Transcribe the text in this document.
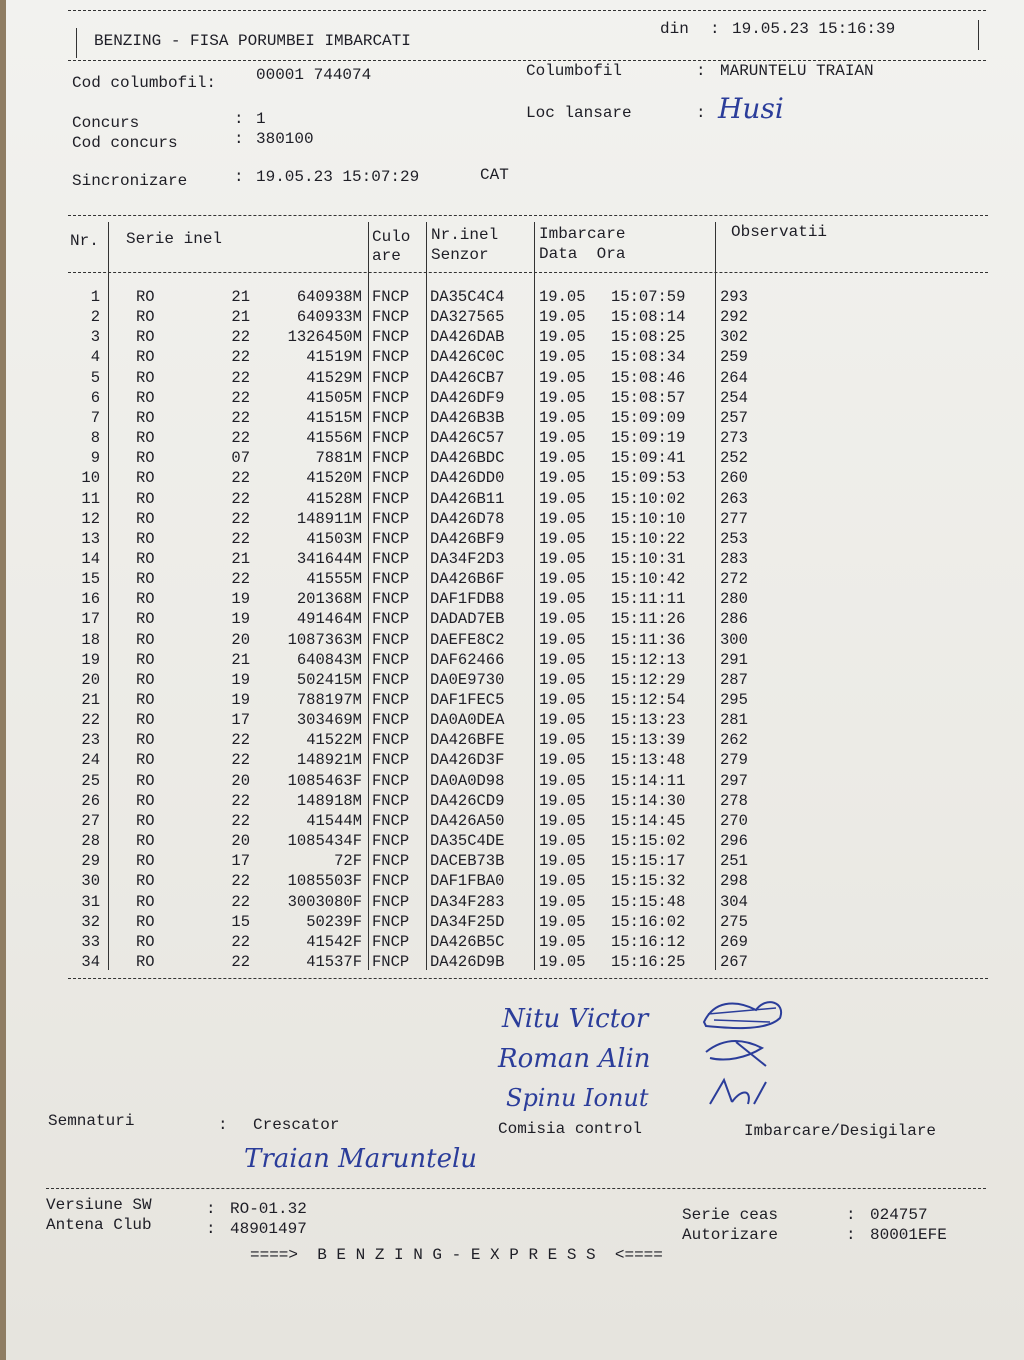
BENZING - FISA PORUMBEI IMBARCATI
din : 19.05.23 15:16:39
Cod columbofil: 00001 744074	Columbofil	: MARUNTELU TRAIAN
Loc lansare	: Husi
Concurs	: 1
Cod concurs	: 380100
Sincronizare	: 19.05.23 15:07:29	CAT
Nr. Serie inel	Culo
are
Nr.inel
Senzor
Imbarcare
Data  Ora
Observatii
1 RO	21	640938M FNCP DA35C4C4 19.05 15:07:59 293
2 RO	21	640933M FNCP DA327565 19.05 15:08:14 292
3 RO	22	1326450M FNCP DA426DAB 19.05 15:08:25 302
4 RO	22	41519M FNCP DA426C0C 19.05 15:08:34 259
5 RO	22	41529M FNCP DA426CB7 19.05 15:08:46 264
6 RO	22	41505M FNCP DA426DF9 19.05 15:08:57 254
7 RO	22	41515M FNCP DA426B3B 19.05 15:09:09 257
8 RO	22	41556M FNCP DA426C57 19.05 15:09:19 273
9 RO	07	7881M FNCP DA426BDC 19.05 15:09:41 252
10 RO	22	41520M FNCP DA426DD0 19.05 15:09:53 260
11 RO	22	41528M FNCP DA426B11 19.05 15:10:02 263
12 RO	22	148911M FNCP DA426D78 19.05 15:10:10 277
13 RO	22	41503M FNCP DA426BF9 19.05 15:10:22 253
14 RO	21	341644M FNCP DA34F2D3 19.05 15:10:31 283
15 RO	22	41555M FNCP DA426B6F 19.05 15:10:42 272
16 RO	19	201368M FNCP DAF1FDB8 19.05 15:11:11 280
17 RO	19	491464M FNCP DADAD7EB 19.05 15:11:26 286
18 RO	20	1087363M FNCP DAEFE8C2 19.05 15:11:36 300
19 RO	21	640843M FNCP DAF62466 19.05 15:12:13 291
20 RO	19	502415M FNCP DA0E9730 19.05 15:12:29 287
21 RO	19	788197M FNCP DAF1FEC5 19.05 15:12:54 295
22 RO	17	303469M FNCP DA0A0DEA 19.05 15:13:23 281
23 RO	22	41522M FNCP DA426BFE 19.05 15:13:39 262
24 RO	22	148921M FNCP DA426D3F 19.05 15:13:48 279
25 RO	20	1085463F FNCP DA0A0D98 19.05 15:14:11 297
26 RO	22	148918M FNCP DA426CD9 19.05 15:14:30 278
27 RO	22	41544M FNCP DA426A50 19.05 15:14:45 270
28 RO	20	1085434F FNCP DA35C4DE 19.05 15:15:02 296
29 RO	17	72F FNCP DACEB73B 19.05 15:15:17 251
30 RO	22	1085503F FNCP DAF1FBA0 19.05 15:15:32 298
31 RO	22	3003080F FNCP DA34F283 19.05 15:15:48 304
32 RO	15	50239F FNCP DA34F25D 19.05 15:16:02 275
33 RO	22	41542F FNCP DA426B5C 19.05 15:16:12 269
34 RO	22	41537F FNCP DA426D9B 19.05 15:16:25 267
Nitu Victor
Roman Alin
Spinu Ionut
Semnaturi	: Crescator	Comisia control	Imbarcare/Desigilare
Traian Maruntelu
Versiune SW	: RO-01.32
Antena Club	: 48901497
Serie ceas	: 024757
Autorizare	: 80001EFE
====>  B E N Z I N G - E X P R E S S  <====
